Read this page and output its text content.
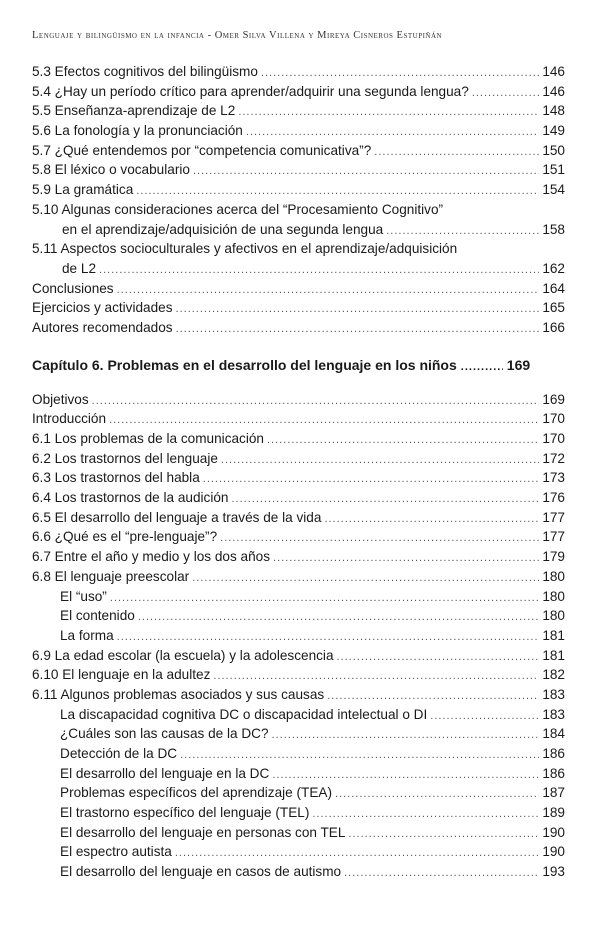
Lenguaje y bilingüismo en la infancia - Omer Silva Villena y Mireya Cisneros Estupiñán
5.3 Efectos cognitivos del bilingüismo .....	146
5.4 ¿Hay un período crítico para aprender/adquirir una segunda lengua? .....	146
5.5 Enseñanza-aprendizaje de L2 .....	148
5.6 La fonología y la pronunciación .....	149
5.7 ¿Qué entendemos por “competencia comunicativa”? .....	150
5.8 El léxico o vocabulario .....	151
5.9 La gramática .....	154
5.10 Algunas consideraciones acerca del “Procesamiento Cognitivo”
en el aprendizaje/adquisición de una segunda lengua .....	158
5.11 Aspectos socioculturales y afectivos en el aprendizaje/adquisición
de L2 .....	162
Conclusiones .....	164
Ejercicios y actividades .....	165
Autores recomendados .....	166
Capítulo 6. Problemas en el desarrollo del lenguaje en los niños .....	169
Objetivos .....	169
Introducción .....	170
6.1 Los problemas de la comunicación .....	170
6.2 Los trastornos del lenguaje .....	172
6.3 Los trastornos del habla .....	173
6.4 Los trastornos de la audición .....	176
6.5 El desarrollo del lenguaje a través de la vida .....	177
6.6 ¿Qué es el “pre-lenguaje”? .....	177
6.7 Entre el año y medio y los dos años .....	179
6.8 El lenguaje preescolar .....	180
El “uso” .....	180
El contenido .....	180
La forma .....	181
6.9 La edad escolar (la escuela) y la adolescencia .....	181
6.10 El lenguaje en la adultez .....	182
6.11 Algunos problemas asociados y sus causas .....	183
La discapacidad cognitiva DC o discapacidad intelectual o DI .....	183
¿Cuáles son las causas de la DC? .....	184
Detección de la DC .....	186
El desarrollo del lenguaje en la DC .....	186
Problemas específicos del aprendizaje (TEA) .....	187
El trastorno específico del lenguaje (TEL) .....	189
El desarrollo del lenguaje en personas con TEL .....	190
El espectro autista .....	190
El desarrollo del lenguaje en casos de autismo .....	193
